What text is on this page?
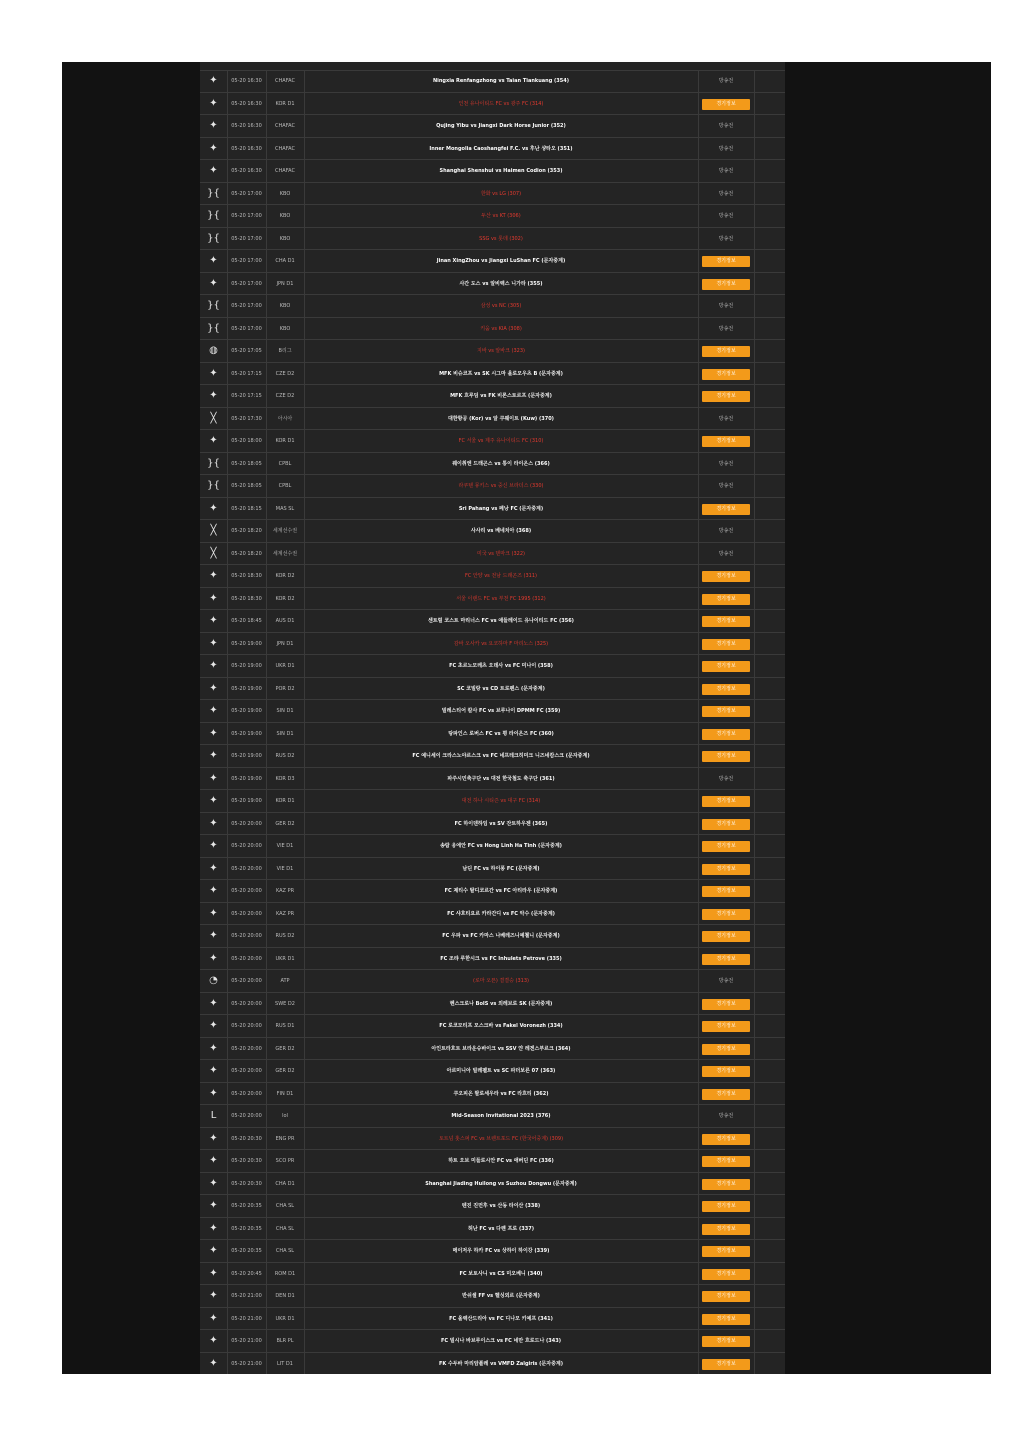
✦	05-20 16:30	CHAFAC	Ningxia Renfangzhong vs Taian Tiankuang (354)	방송전
✦	05-20 16:30	KOR D1	인천 유나이티드 FC vs 광주 FC (314)	경기정보
✦	05-20 16:30	CHAFAC	Qujing Yibu vs Jiangxi Dark Horse Junior (352)	방송전
✦	05-20 16:30	CHAFAC	Inner Mongolia Caoshangfei F.C. vs 후난 샹타오 (351)	방송전
✦	05-20 16:30	CHAFAC	Shanghai Shenshui vs Haimen Codion (353)	방송전
}{	05-20 17:00	KBO	한화 vs LG (307)	방송전
}{	05-20 17:00	KBO	두산 vs KT (306)	방송전
}{	05-20 17:00	KBO	SSG vs 롯데 (302)	방송전
✦	05-20 17:00	CHA D1	Jinan XingZhou vs Jiangxi LuShan FC (문자중계)	경기정보
✦	05-20 17:00	JPN D1	사간 도스 vs 알비렉스 니가타 (355)	경기정보
}{	05-20 17:00	KBO	삼성 vs NC (305)	방송전
}{	05-20 17:00	KBO	키움 vs KIA (308)	방송전
◍	05-20 17:05	B리그	지바 vs 알바크 (323)	경기정보
✦	05-20 17:15	CZE D2	MFK 비슈코프 vs SK 시그마 올로모우츠 B (문자중계)	경기정보
✦	05-20 17:15	CZE D2	MFK 흐루딤 vs FK 비론스토르프 (문자중계)	경기정보
╳	05-20 17:30	아시아	대한항공 (Kor) vs 알 쿠웨이트 (Kuw) (370)	방송전
✦	05-20 18:00	KOR D1	FC 서울 vs 제주 유나이티드 FC (310)	경기정보
}{	05-20 18:05	CPBL	웨이취엔 드래곤스 vs 통이 라이온스 (366)	방송전
}{	05-20 18:05	CPBL	라쿠텐 몽키스 vs 중신 브라더스 (330)	방송전
✦	05-20 18:15	MAS SL	Sri Pahang vs 페낭 FC (문자중계)	경기정보
╳	05-20 18:20	세계선수권	사사리 vs 베네치아 (368)	방송전
╳	05-20 18:20	세계선수권	미국 vs 덴마크 (322)	방송전
✦	05-20 18:30	KOR D2	FC 안양 vs 전남 드래곤즈 (311)	경기정보
✦	05-20 18:30	KOR D2	서울 이랜드 FC vs 부천 FC 1995 (312)	경기정보
✦	05-20 18:45	AUS D1	센트럴 코스트 마리너스 FC vs 애들레이드 유나이티드 FC (356)	경기정보
✦	05-20 19:00	JPN D1	감바 오사카 vs 요코하마 F 마리노스 (325)	경기정보
✦	05-20 19:00	UKR D1	FC 초르노모레츠 오데사 vs FC 미나이 (358)	경기정보
✦	05-20 19:00	POR D2	SC 코빌랑 vs CD 트로펜스 (문자중계)	경기정보
✦	05-20 19:00	SIN D1	빌레스티어 칼사 FC vs 브루나이 DPMM FC (359)	경기정보
✦	05-20 19:00	SIN D1	탕파인스 로버스 FC vs 평 라이온즈 FC (360)	경기정보
✦	05-20 19:00	RUS D2	FC 예니세이 크라스노야르스크 vs FC 네프테크히미크 니즈네캄스크 (문자중계)	경기정보
✦	05-20 19:00	KOR D3	파주시민축구단 vs 대전 한국철도 축구단 (361)	방송전
✦	05-20 19:00	KOR D1	대전 하나 시티즌 vs 대구 FC (314)	경기정보
✦	05-20 20:00	GER D2	FC 하이덴하임 vs SV 잔트하우젠 (365)	경기정보
✦	05-20 20:00	VIE D1	송람 응에안 FC vs Hong Linh Ha Tinh (문자중계)	경기정보
✦	05-20 20:00	VIE D1	남딘 FC vs 하이퐁 FC (문자중계)	경기정보
✦	05-20 20:00	KAZ PR	FC 제티수 탈디코르간 vs FC 아티라우 (문자중계)	경기정보
✦	05-20 20:00	KAZ PR	FC 샤흐티요르 카라간디 vs FC 악수 (문자중계)	경기정보
✦	05-20 20:00	RUS D2	FC 우파 vs FC 카마스 나베레즈니예첼니 (문자중계)	경기정보
✦	05-20 20:00	UKR D1	FC 조랴 루한시크 vs FC Inhulets Petrove (335)	경기정보
◔	05-20 20:00	ATP	(로마 오픈) 결결승 (313)	방송전
✦	05-20 20:00	SWE D2	헨스크로나 BoIS vs 외레브로 SK (문자중계)	경기정보
✦	05-20 20:00	RUS D1	FC 로코모티프 모스크바 vs Fakel Voronezh (334)	경기정보
✦	05-20 20:00	GER D2	아인트라흐트 브라운슈바이크 vs SSV 얀 레겐스부르크 (364)	경기정보
✦	05-20 20:00	GER D2	아르미니아 빌레펠트 vs SC 파더보른 07 (363)	경기정보
✦	05-20 20:00	FIN D1	쿠오피온 팔로세우라 vs FC 라흐티 (362)	경기정보
L	05-20 20:00	lol	Mid-Season Invitational 2023 (376)	방송전
✦	05-20 20:30	ENG PR	토트넘 홋스퍼 FC vs 브렌트포드 FC (한국어중계) (309)	경기정보
✦	05-20 20:30	SCO PR	하트 오브 미들로시안 FC vs 애버딘 FC (336)	경기정보
✦	05-20 20:30	CHA D1	Shanghai Jiading Huilong vs Suzhou Dongwu (문자중계)	경기정보
✦	05-20 20:35	CHA SL	텐진 진먼후 vs 산동 타이산 (338)	경기정보
✦	05-20 20:35	CHA SL	허난 FC vs 다롄 프로 (337)	경기정보
✦	05-20 20:35	CHA SL	메이저우 하카 FC vs 상하이 하이강 (339)	경기정보
✦	05-20 20:45	ROM D1	FC 보토사니 vs CS 미오베니 (340)	경기정보
✦	05-20 21:00	DEN D1	반쉬셀 FF vs 헬싱외르 (문자중계)	경기정보
✦	05-20 21:00	UKR D1	FC 올렉산드리아 vs FC 디나모 키예프 (341)	경기정보
✦	05-20 21:00	BLR PL	FC 빌시나 바브루이스크 vs FC 네만 흐로드나 (343)	경기정보
✦	05-20 21:00	LIT D1	FK 수두바 마리암폴레 vs VMFD Zalgiris (문자중계)	경기정보
